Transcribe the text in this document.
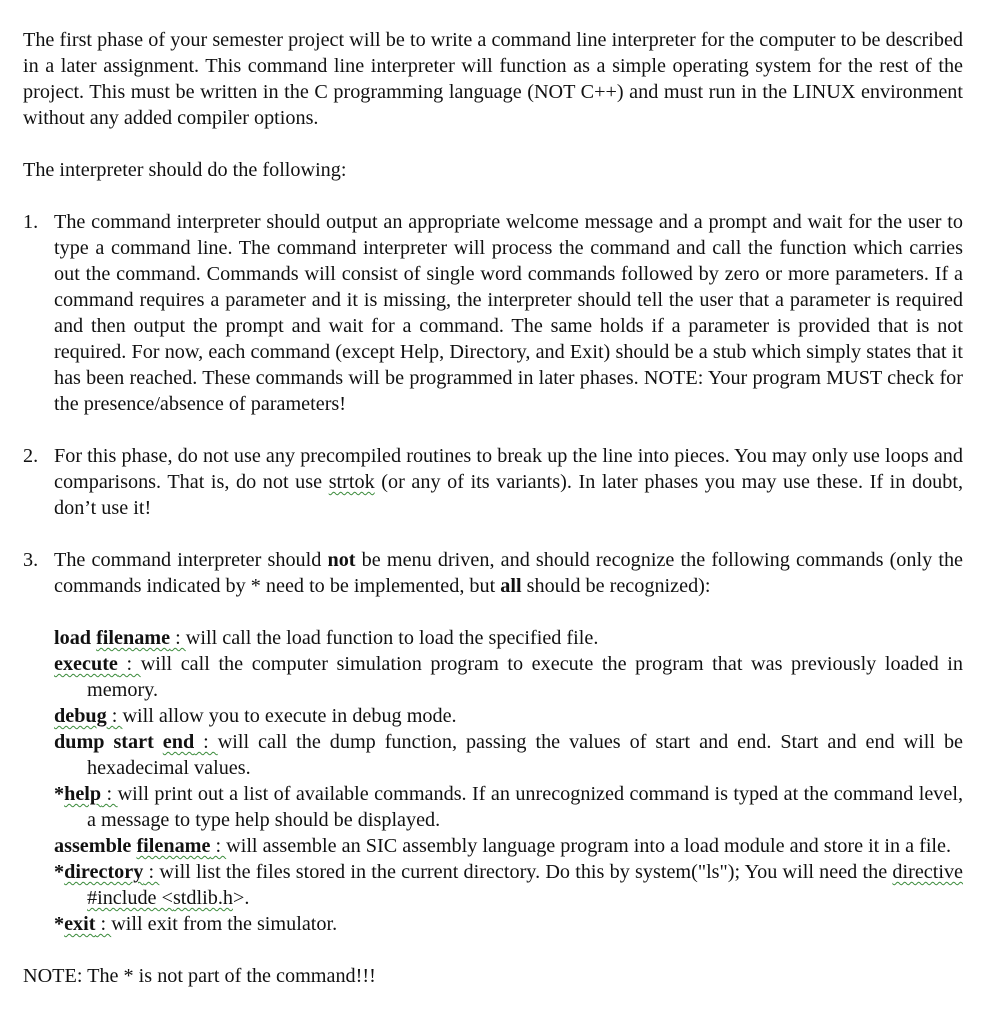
The first phase of your semester project will be to write a command line interpreter for the computer to be described in a later assignment. This command line interpreter will function as a simple operating system for the rest of the project. This must be written in the C programming language (NOT C++) and must run in the LINUX environment without any added compiler options.

The interpreter should do the following:

1. The command interpreter should output an appropriate welcome message and a prompt and wait for the user to type a command line. The command interpreter will process the command and call the function which carries out the command. Commands will consist of single word commands followed by zero or more parameters. If a command requires a parameter and it is missing, the interpreter should tell the user that a parameter is required and then output the prompt and wait for a command. The same holds if a parameter is provided that is not required. For now, each command (except Help, Directory, and Exit) should be a stub which simply states that it has been reached. These commands will be programmed in later phases. NOTE: Your program MUST check for the presence/absence of parameters!

2. For this phase, do not use any precompiled routines to break up the line into pieces. You may only use loops and comparisons. That is, do not use strtok (or any of its variants). In later phases you may use these. If in doubt, don’t use it!

3. The command interpreter should not be menu driven, and should recognize the following commands (only the commands indicated by * need to be implemented, but all should be recognized):

load filename : will call the load function to load the specified file.

execute : will call the computer simulation program to execute the program that was previously loaded in memory.

debug : will allow you to execute in debug mode.

dump start end : will call the dump function, passing the values of start and end. Start and end will be hexadecimal values.

*help : will print out a list of available commands. If an unrecognized command is typed at the command level, a message to type help should be displayed.

assemble filename : will assemble an SIC assembly language program into a load module and store it in a file.

*directory : will list the files stored in the current directory. Do this by system("ls"); You will need the directive #include <stdlib.h>.

*exit : will exit from the simulator.

NOTE: The * is not part of the command!!!
